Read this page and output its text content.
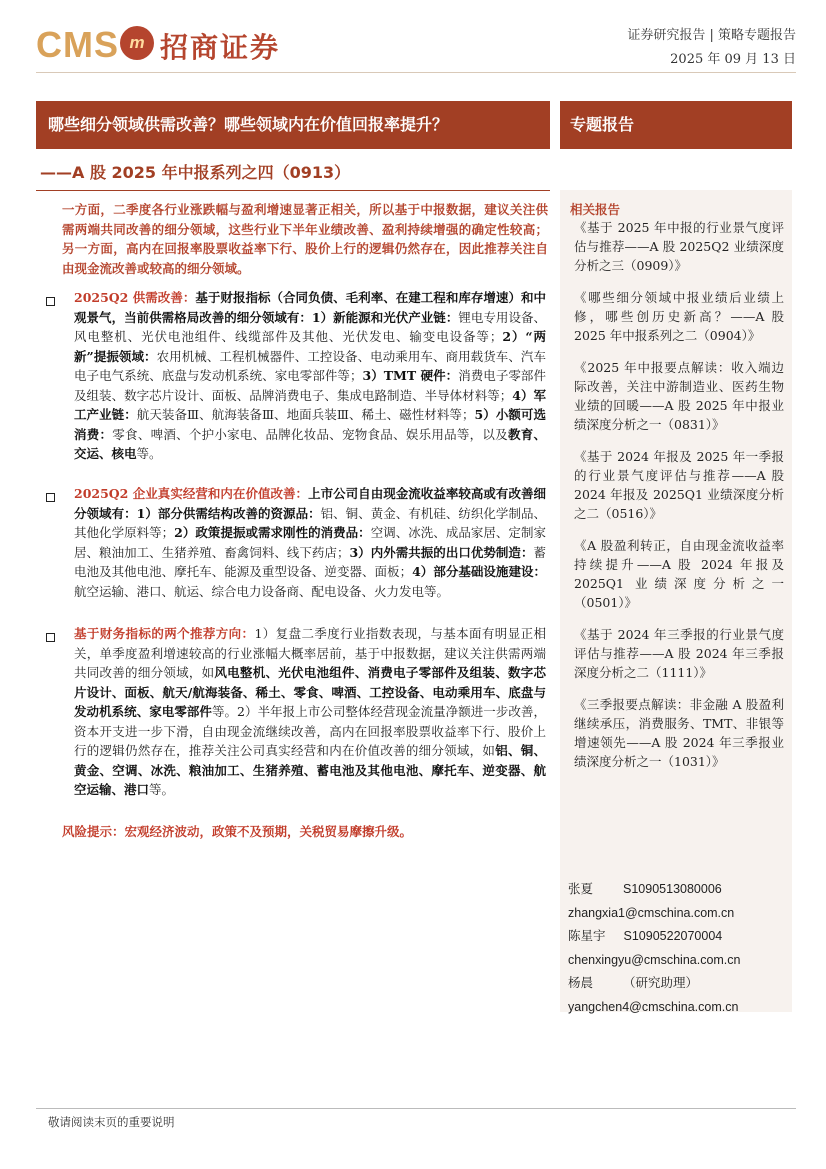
CMS m 招商证券	证券研究报告 | 策略专题报告
2025 年 09 月 13 日
哪些细分领域供需改善？哪些领域内在价值回报率提升？	专题报告
——A 股 2025 年中报系列之四（0913）
一方面，二季度各行业涨跌幅与盈利增速显著正相关，所以基于中报数据，建议关注供需两端共同改善的细分领域，这些行业下半年业绩改善、盈利持续增强的确定性较高；另一方面，高内在回报率股票收益率下行、股价上行的逻辑仍然存在，因此推荐关注自由现金流改善或较高的细分领域。
2025Q2 供需改善：基于财报指标（合同负债、毛利率、在建工程和库存增速）和中观景气，当前供需格局改善的细分领域有：1）新能源和光伏产业链：锂电专用设备、风电整机、光伏电池组件、线缆部件及其他、光伏发电、输变电设备等；2）“两新”提振领域：农用机械、工程机械器件、工控设备、电动乘用车、商用载货车、汽车电子电气系统、底盘与发动机系统、家电零部件等；3）TMT 硬件：消费电子零部件及组装、数字芯片设计、面板、品牌消费电子、集成电路制造、半导体材料等；4）军工产业链：航天装备Ⅲ、航海装备Ⅲ、地面兵装Ⅲ、稀土、磁性材料等；5）小额可选消费：零食、啤酒、个护小家电、品牌化妆品、宠物食品、娱乐用品等，以及教育、交运、核电等。
2025Q2 企业真实经营和内在价值改善：上市公司自由现金流收益率较高或有改善细分领域有：1）部分供需结构改善的资源品：铝、铜、黄金、有机硅、纺织化学制品、其他化学原料等；2）政策提振或需求刚性的消费品：空调、冰洗、成品家居、定制家居、粮油加工、生猪养殖、畜禽饲料、线下药店；3）内外需共振的出口优势制造：蓄电池及其他电池、摩托车、能源及重型设备、逆变器、面板；4）部分基础设施建设：航空运输、港口、航运、综合电力设备商、配电设备、火力发电等。
基于财务指标的两个推荐方向：1）复盘二季度行业指数表现，与基本面有明显正相关，单季度盈利增速较高的行业涨幅大概率居前，基于中报数据，建议关注供需两端共同改善的细分领域，如风电整机、光伏电池组件、消费电子零部件及组装、数字芯片设计、面板、航天/航海装备、稀土、零食、啤酒、工控设备、电动乘用车、底盘与发动机系统、家电零部件等。2）半年报上市公司整体经营现金流量净额进一步改善，资本开支进一步下滑，自由现金流继续改善，高内在回报率股票收益率下行、股价上行的逻辑仍然存在，推荐关注公司真实经营和内在价值改善的细分领域，如铝、铜、黄金、空调、冰洗、粮油加工、生猪养殖、蓄电池及其他电池、摩托车、逆变器、航空运输、港口等。
风险提示：宏观经济波动，政策不及预期，关税贸易摩擦升级。
相关报告
《基于 2025 年中报的行业景气度评估与推荐——A 股 2025Q2 业绩深度分析之三（0909）》
《哪些细分领域中报业绩后业绩上修，哪些创历史新高？——A 股 2025 年中报系列之二（0904）》
《2025 年中报要点解读：收入端边际改善，关注中游制造业、医药生物业绩的回暖——A 股 2025 年中报业绩深度分析之一（0831）》
《基于 2024 年报及 2025 年一季报的行业景气度评估与推荐——A 股 2024 年报及 2025Q1 业绩深度分析之二（0516）》
《A 股盈利转正，自由现金流收益率持续提升——A 股 2024 年报及 2025Q1 业绩深度分析之一（0501）》
《基于 2024 年三季报的行业景气度评估与推荐——A 股 2024 年三季报深度分析之二（1111）》
《三季报要点解读：非金融 A 股盈利继续承压，消费服务、TMT、非银等增速领先——A 股 2024 年三季报业绩深度分析之一（1031）》
张夏 S1090513080006
zhangxia1@cmschina.com.cn
陈星宇 S1090522070004
chenxingyu@cmschina.com.cn
杨晨 （研究助理）
yangchen4@cmschina.com.cn
敬请阅读末页的重要说明
